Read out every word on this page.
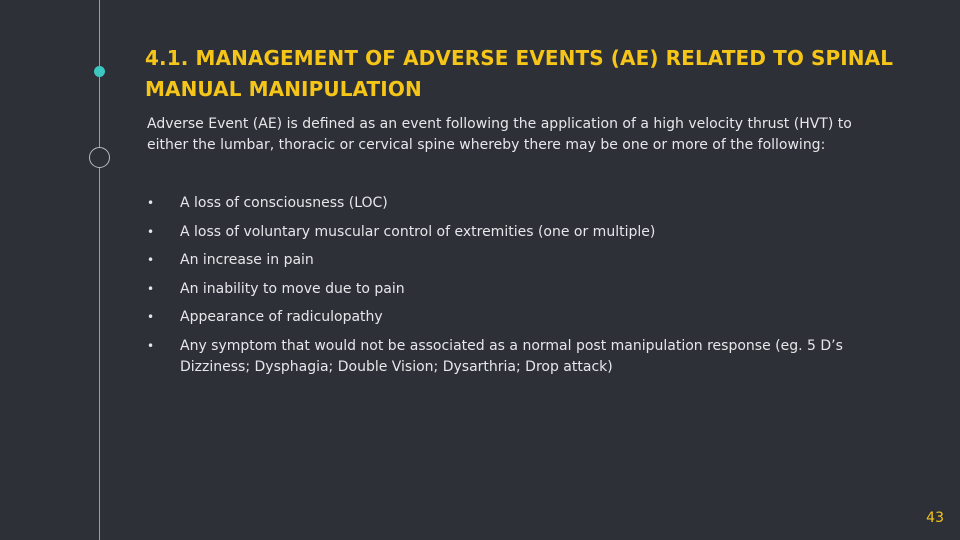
4.1. MANAGEMENT OF ADVERSE EVENTS (AE) RELATED TO SPINAL MANUAL MANIPULATION

Adverse Event (AE) is defined as an event following the application of a high velocity thrust (HVT) to either the lumbar, thoracic or cervical spine whereby there may be one or more of the following:

• A loss of consciousness (LOC)
• A loss of voluntary muscular control of extremities (one or multiple)
• An increase in pain
• An inability to move due to pain
• Appearance of radiculopathy
• Any symptom that would not be associated as a normal post manipulation response (eg. 5 D’s Dizziness; Dysphagia; Double Vision; Dysarthria; Drop attack)
43
